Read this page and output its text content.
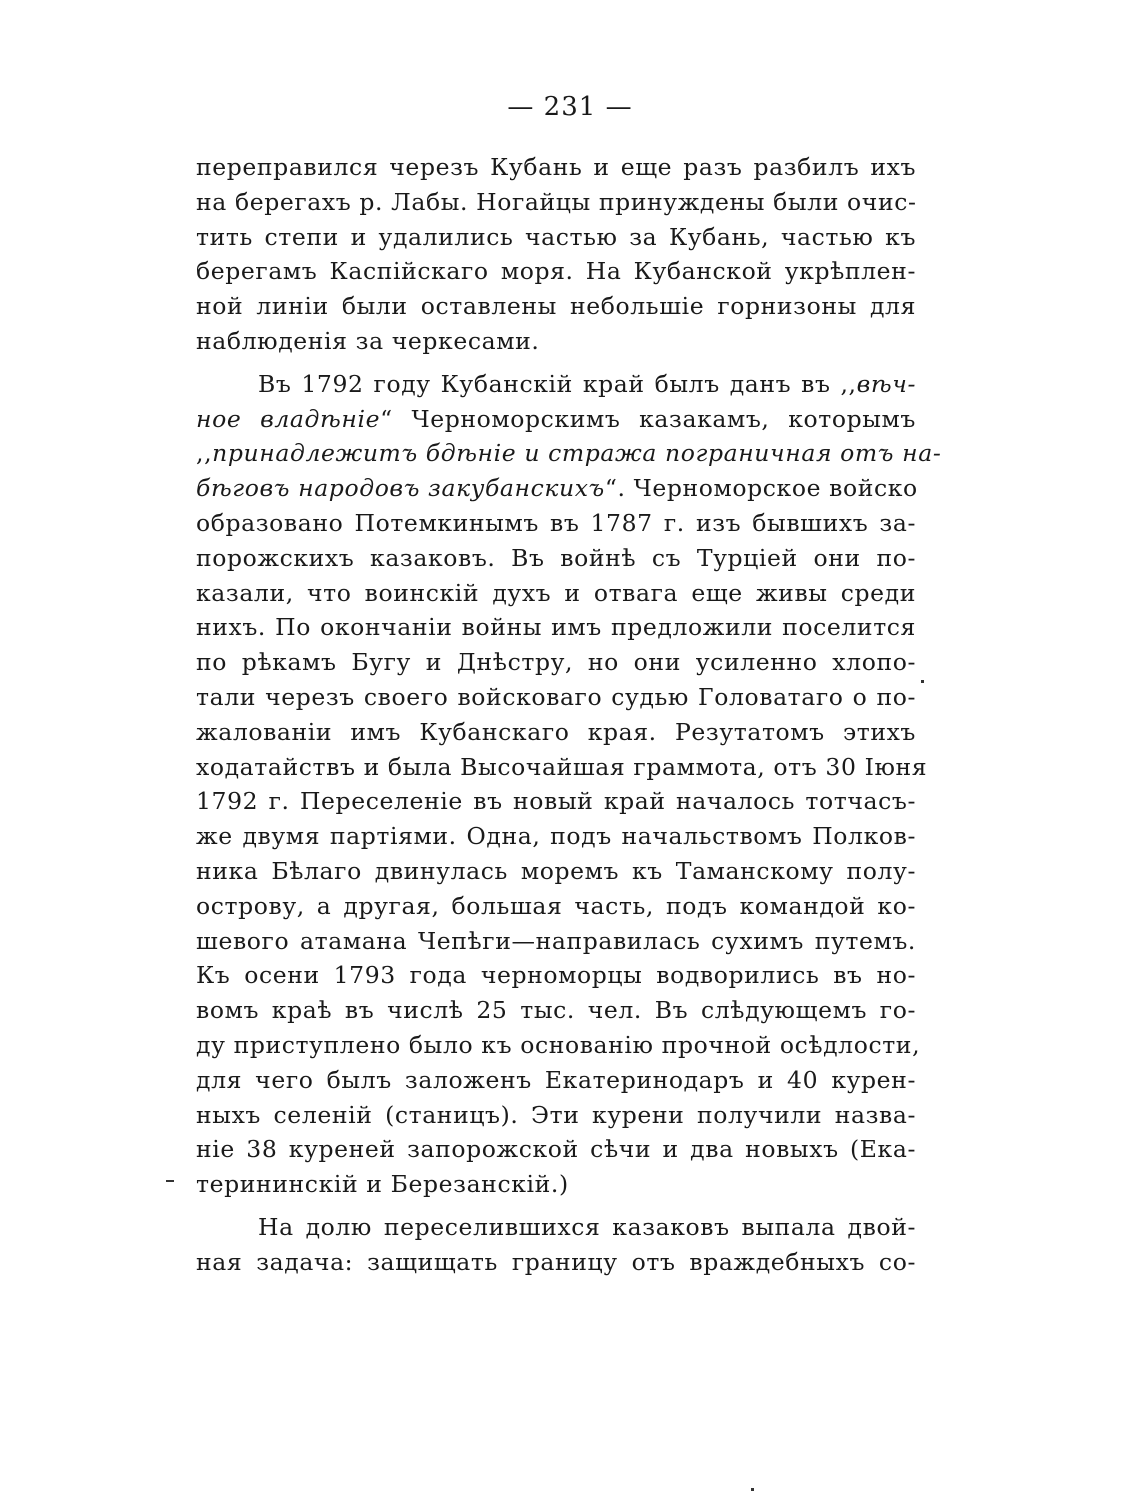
— 231 —
переправился черезъ Кубань и еще разъ разбилъ ихъ
на берегахъ р. Лабы. Ногайцы принуждены были очис-
тить степи и удалились частью за Кубань, частью къ
берегамъ Каспійскаго моря. На Кубанской укрѣплен-
ной линіи были оставлены небольшіе горнизоны для
наблюденія за черкесами.
Въ 1792 году Кубанскій край былъ данъ въ ,,вѣч-
ное владѣніе“ Черноморскимъ казакамъ, которымъ
,,принадлежитъ бдѣніе и стража пограничная отъ на-
бѣговъ народовъ закубанскихъ“. Черноморское войско
образовано Потемкинымъ въ 1787 г. изъ бывшихъ за-
порожскихъ казаковъ. Въ войнѣ съ Турціей они по-
казали, что воинскій духъ и отвага еще живы среди
нихъ. По окончаніи войны имъ предложили поселится
по рѣкамъ Бугу и Днѣстру, но они усиленно хлопо-
тали черезъ своего войсковаго судью Головатаго о по-
жалованіи имъ Кубанскаго края. Резутатомъ этихъ
ходатайствъ и была Высочайшая граммота, отъ 30 Іюня
1792 г. Переселеніе въ новый край началось тотчасъ-
же двумя партіями. Одна, подъ начальствомъ Полков-
ника Бѣлаго двинулась моремъ къ Таманскому полу-
острову, а другая, большая часть, подъ командой ко-
шевого атамана Чепѣги—направилась сухимъ путемъ.
Къ осени 1793 года черноморцы водворились въ но-
вомъ краѣ въ числѣ 25 тыс. чел. Въ слѣдующемъ го-
ду приступлено было къ основанію прочной осѣдлости,
для чего былъ заложенъ Екатеринодаръ и 40 курен-
ныхъ селеній (станицъ). Эти курени получили назва-
ніе 38 куреней запорожской сѣчи и два новыхъ (Ека-
терининскій и Березанскій.)
На долю переселившихся казаковъ выпала двой-
ная задача: защищать границу отъ враждебныхъ со-
